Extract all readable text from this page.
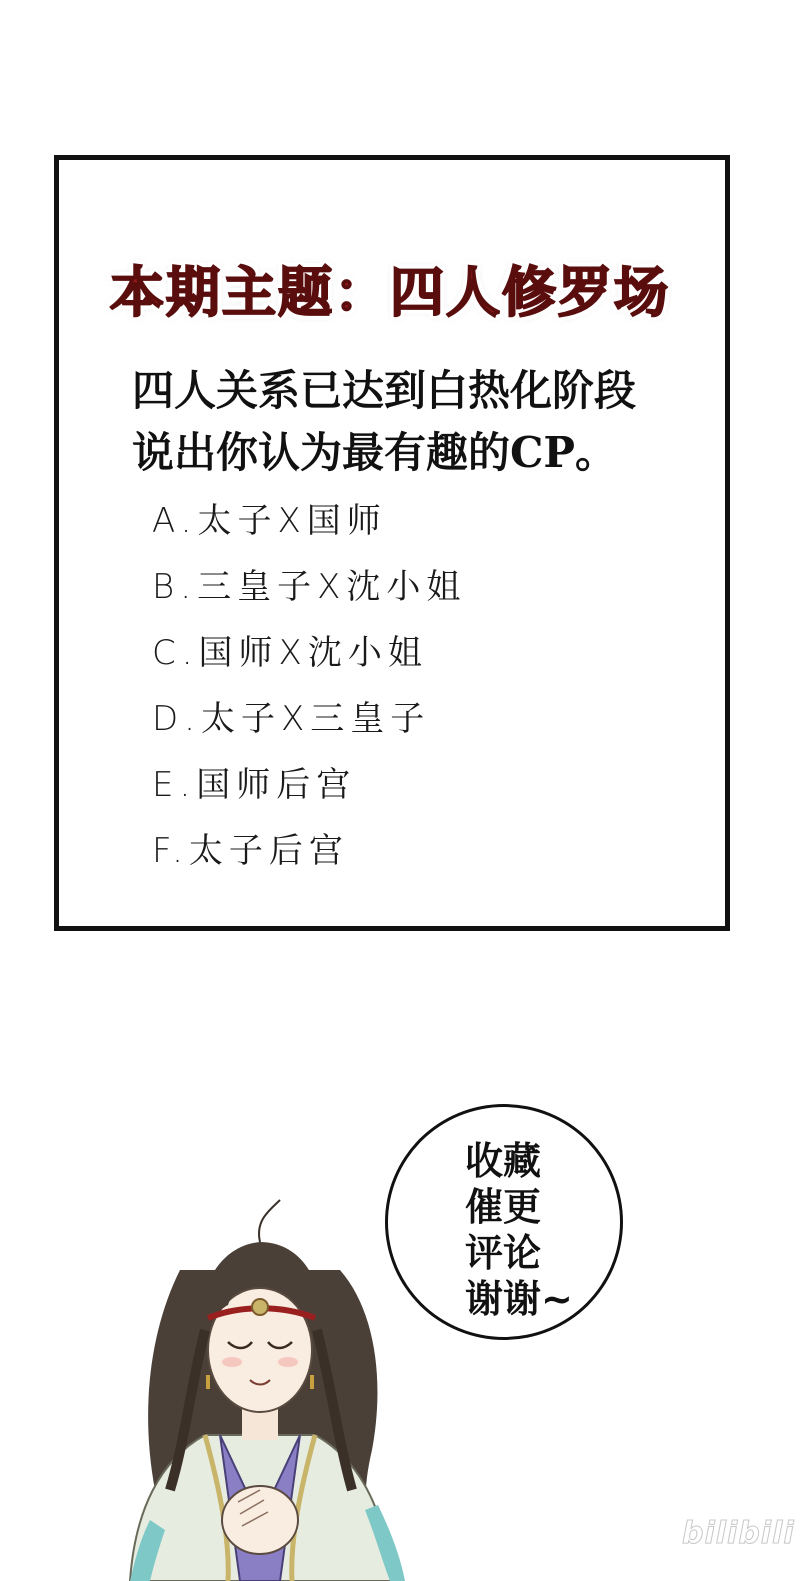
本期主题：四人修罗场
四人关系已达到白热化阶段
说出你认为最有趣的CP。
A.太子X国师
B.三皇子X沈小姐
C.国师X沈小姐
D.太子X三皇子
E.国师后宫
F.太子后宫
收藏
催更
评论
谢谢~
bilibili
